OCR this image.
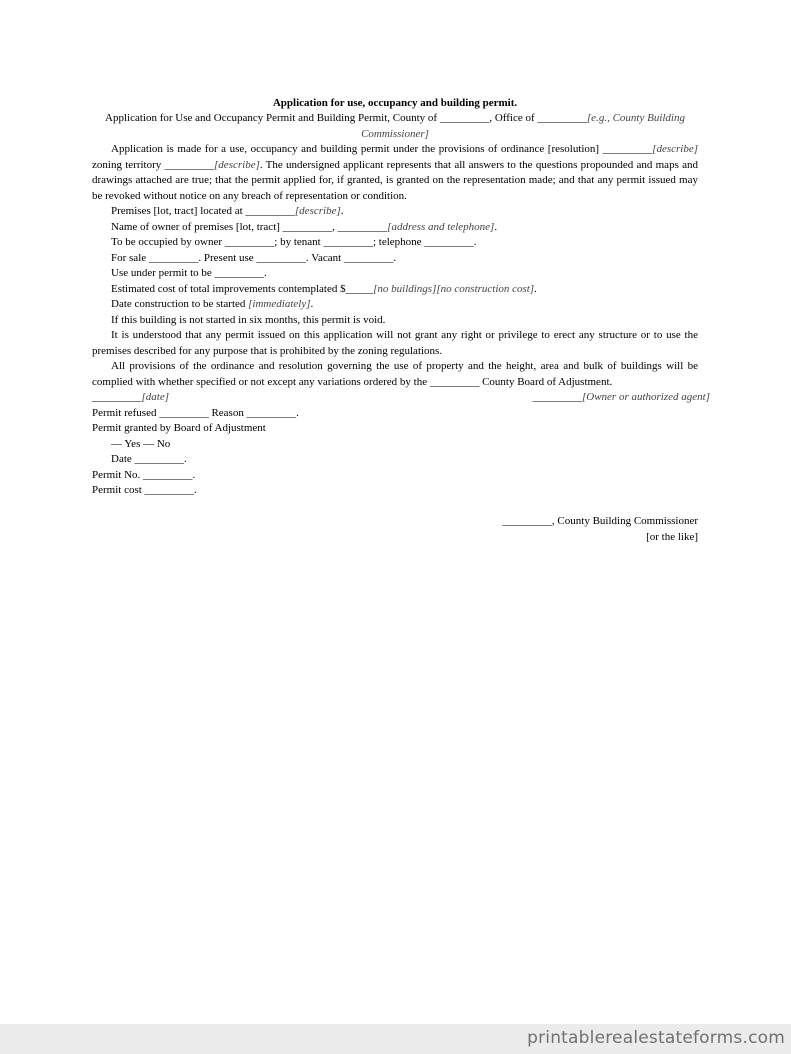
Application for use, occupancy and building permit.
Application for Use and Occupancy Permit and Building Permit, County of _________, Office of _________[e.g., County Building Commissioner]

Application is made for a use, occupancy and building permit under the provisions of ordinance [resolution] _________[describe] zoning territory _________[describe]. The undersigned applicant represents that all answers to the questions propounded and maps and drawings attached are true; that the permit applied for, if granted, is granted on the representation made; and that any permit issued may be revoked without notice on any breach of representation or condition.

Premises [lot, tract] located at _________[describe].

Name of owner of premises [lot, tract] _________, _________[address and telephone].

To be occupied by owner _________; by tenant _________; telephone _________.

For sale _________. Present use _________. Vacant _________.

Use under permit to be _________.

Estimated cost of total improvements contemplated $_____[no buildings][no construction cost].

Date construction to be started [immediately].

If this building is not started in six months, this permit is void.

It is understood that any permit issued on this application will not grant any right or privilege to erect any structure or to use the premises described for any purpose that is prohibited by the zoning regulations.

All provisions of the ordinance and resolution governing the use of property and the height, area and bulk of buildings will be complied with whether specified or not except any variations ordered by the _________ County Board of Adjustment.

_________[date]	_________[Owner or authorized agent]

Permit refused _________ Reason _________.

Permit granted by Board of Adjustment

— Yes — No

Date _________.

Permit No. _________.

Permit cost _________.

_________, County Building Commissioner

[or the like]

printablerealestateforms.com
